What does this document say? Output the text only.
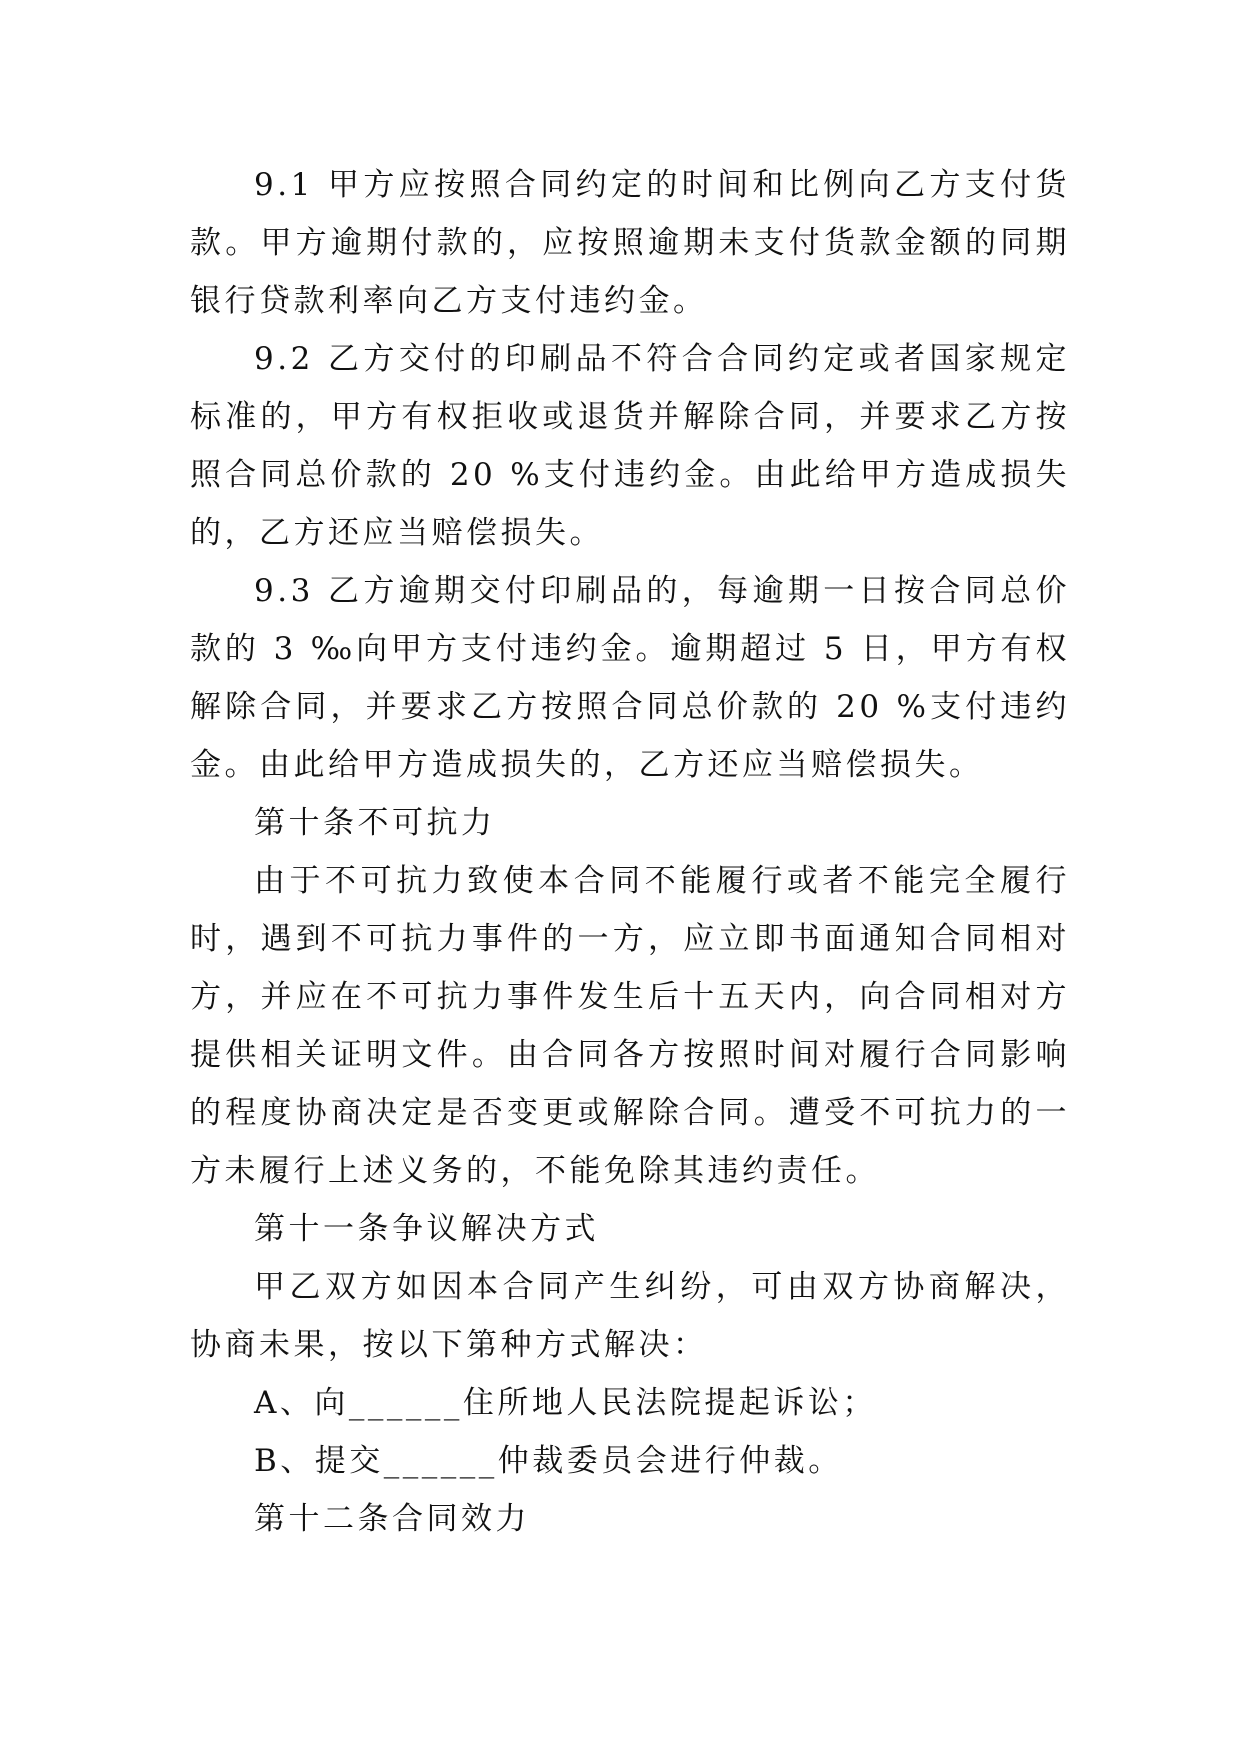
9.1 甲方应按照合同约定的时间和比例向乙方支付货款。甲方逾期付款的，应按照逾期未支付货款金额的同期银行贷款利率向乙方支付违约金。

9.2 乙方交付的印刷品不符合合同约定或者国家规定标准的，甲方有权拒收或退货并解除合同，并要求乙方按照合同总价款的 20 %支付违约金。由此给甲方造成损失的，乙方还应当赔偿损失。

9.3 乙方逾期交付印刷品的，每逾期一日按合同总价款的 3 ‰向甲方支付违约金。逾期超过 5 日，甲方有权解除合同，并要求乙方按照合同总价款的 20 %支付违约金。由此给甲方造成损失的，乙方还应当赔偿损失。

第十条不可抗力

由于不可抗力致使本合同不能履行或者不能完全履行时，遇到不可抗力事件的一方，应立即书面通知合同相对方，并应在不可抗力事件发生后十五天内，向合同相对方提供相关证明文件。由合同各方按照时间对履行合同影响的程度协商决定是否变更或解除合同。遭受不可抗力的一方未履行上述义务的，不能免除其违约责任。

第十一条争议解决方式

甲乙双方如因本合同产生纠纷，可由双方协商解决，协商未果，按以下第种方式解决：

A、向______住所地人民法院提起诉讼；

B、提交______仲裁委员会进行仲裁。

第十二条合同效力
